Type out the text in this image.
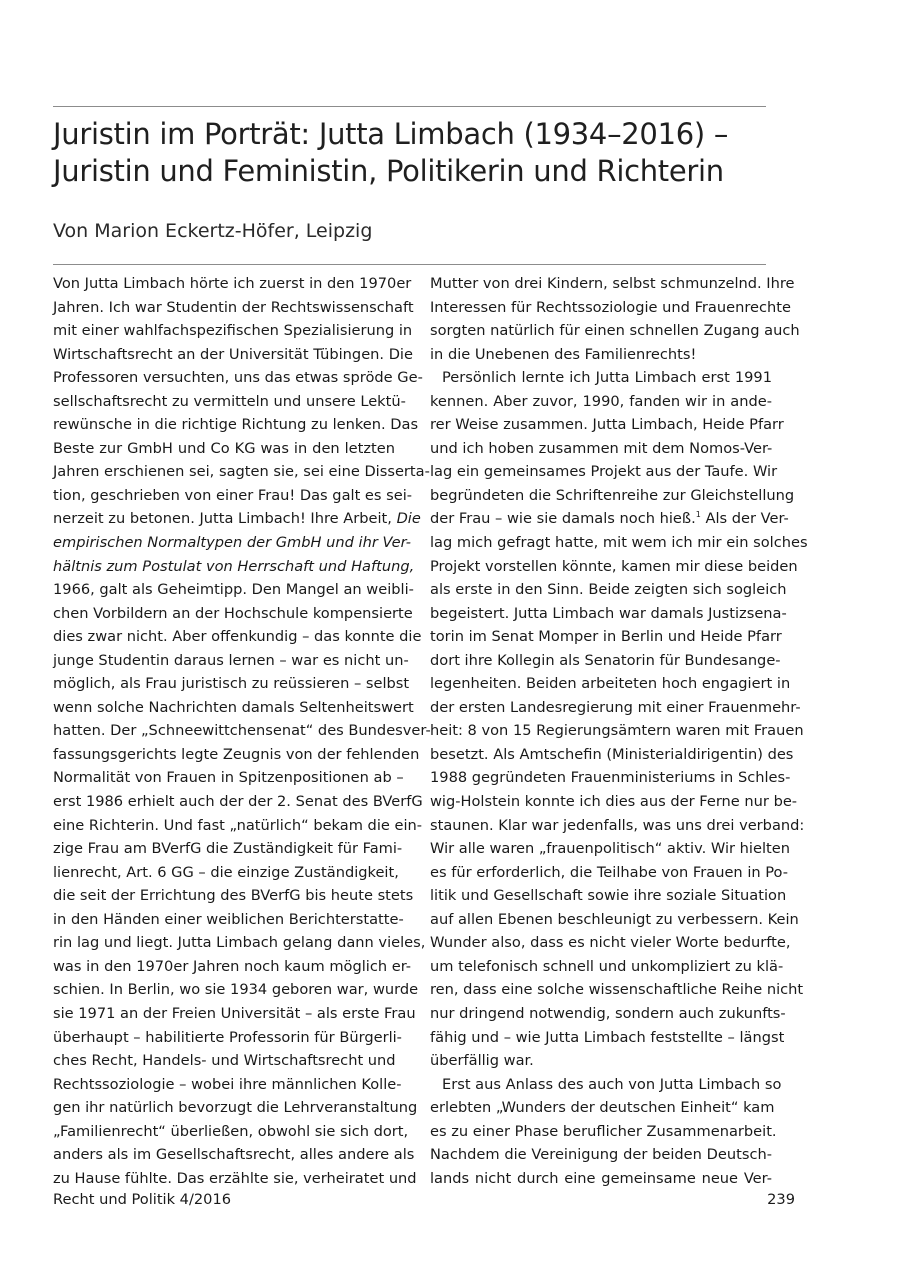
Juristin im Porträt: Jutta Limbach (1934–2016) –
Juristin und Feministin, Politikerin und Richterin
Von Marion Eckertz-Höfer, Leipzig
Von Jutta Limbach hörte ich zuerst in den 1970er
Jahren. Ich war Studentin der Rechtswissenschaft
mit einer wahlfachspezifischen Spezialisierung in
Wirtschaftsrecht an der Universität Tübingen. Die
Professoren versuchten, uns das etwas spröde Ge-
sellschaftsrecht zu vermitteln und unsere Lektü-
rewünsche in die richtige Richtung zu lenken. Das
Beste zur GmbH und Co KG was in den letzten
Jahren erschienen sei, sagten sie, sei eine Disserta-
tion, geschrieben von einer Frau! Das galt es sei-
nerzeit zu betonen. Jutta Limbach! Ihre Arbeit, Die
empirischen Normaltypen der GmbH und ihr Ver-
hältnis zum Postulat von Herrschaft und Haftung,
1966, galt als Geheimtipp. Den Mangel an weibli-
chen Vorbildern an der Hochschule kompensierte
dies zwar nicht. Aber offenkundig – das konnte die
junge Studentin daraus lernen – war es nicht un-
möglich, als Frau juristisch zu reüssieren – selbst
wenn solche Nachrichten damals Seltenheitswert
hatten. Der „Schneewittchensenat“ des Bundesver-
fassungsgerichts legte Zeugnis von der fehlenden
Normalität von Frauen in Spitzenpositionen ab –
erst 1986 erhielt auch der der 2. Senat des BVerfG
eine Richterin. Und fast „natürlich“ bekam die ein-
zige Frau am BVerfG die Zuständigkeit für Fami-
lienrecht, Art. 6 GG – die einzige Zuständigkeit,
die seit der Errichtung des BVerfG bis heute stets
in den Händen einer weiblichen Berichterstatte-
rin lag und liegt. Jutta Limbach gelang dann vieles,
was in den 1970er Jahren noch kaum möglich er-
schien. In Berlin, wo sie 1934 geboren war, wurde
sie 1971 an der Freien Universität – als erste Frau
überhaupt – habilitierte Professorin für Bürgerli-
ches Recht, Handels- und Wirtschaftsrecht und
Rechtssoziologie – wobei ihre männlichen Kolle-
gen ihr natürlich bevorzugt die Lehrveranstaltung
„Familienrecht“ überließen, obwohl sie sich dort,
anders als im Gesellschaftsrecht, alles andere als
zu Hause fühlte. Das erzählte sie, verheiratet und
Mutter von drei Kindern, selbst schmunzelnd. Ihre
Interessen für Rechtssoziologie und Frauenrechte
sorgten natürlich für einen schnellen Zugang auch
in die Unebenen des Familienrechts!
Persönlich lernte ich Jutta Limbach erst 1991
kennen. Aber zuvor, 1990, fanden wir in ande-
rer Weise zusammen. Jutta Limbach, Heide Pfarr
und ich hoben zusammen mit dem Nomos-Ver-
lag ein gemeinsames Projekt aus der Taufe. Wir
begründeten die Schriftenreihe zur Gleichstellung
der Frau – wie sie damals noch hieß.$^1$ Als der Ver-
lag mich gefragt hatte, mit wem ich mir ein solches
Projekt vorstellen könnte, kamen mir diese beiden
als erste in den Sinn. Beide zeigten sich sogleich
begeistert. Jutta Limbach war damals Justizsena-
torin im Senat Momper in Berlin und Heide Pfarr
dort ihre Kollegin als Senatorin für Bundesange-
legenheiten. Beiden arbeiteten hoch engagiert in
der ersten Landesregierung mit einer Frauenmehr-
heit: 8 von 15 Regierungsämtern waren mit Frauen
besetzt. Als Amtschefin (Ministerialdirigentin) des
1988 gegründeten Frauenministeriums in Schles-
wig-Holstein konnte ich dies aus der Ferne nur be-
staunen. Klar war jedenfalls, was uns drei verband:
Wir alle waren „frauenpolitisch“ aktiv. Wir hielten
es für erforderlich, die Teilhabe von Frauen in Po-
litik und Gesellschaft sowie ihre soziale Situation
auf allen Ebenen beschleunigt zu verbessern. Kein
Wunder also, dass es nicht vieler Worte bedurfte,
um telefonisch schnell und unkompliziert zu klä-
ren, dass eine solche wissenschaftliche Reihe nicht
nur dringend notwendig, sondern auch zukunfts-
fähig und – wie Jutta Limbach feststellte – längst
überfällig war.
Erst aus Anlass des auch von Jutta Limbach so
erlebten „Wunders der deutschen Einheit“ kam
es zu einer Phase beruflicher Zusammenarbeit.
Nachdem die Vereinigung der beiden Deutsch-
lands nicht durch eine gemeinsame neue Ver-
Recht und Politik 4/2016	239
